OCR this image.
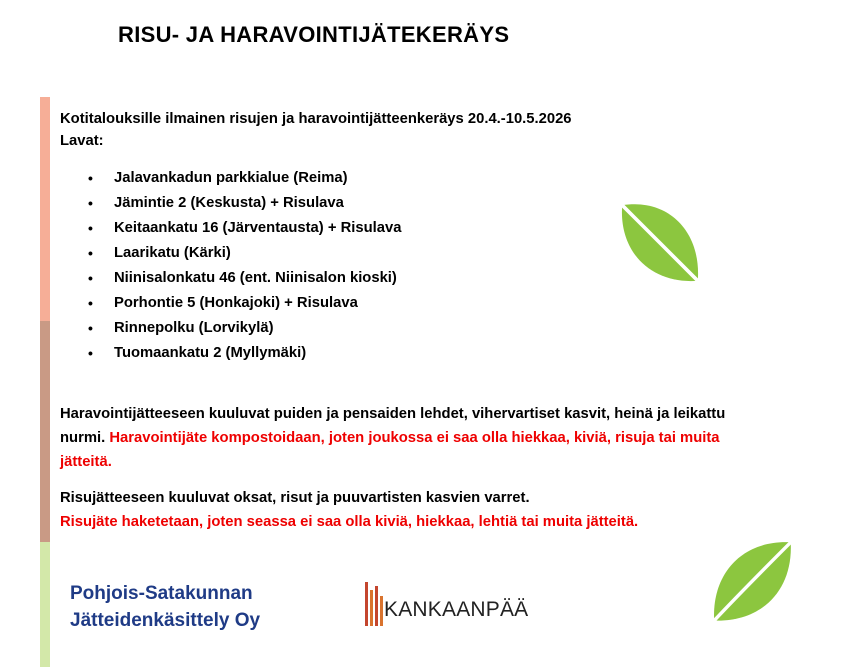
RISU- JA HARAVOINTIJÄTEKERÄYS
Kotitalouksille ilmainen risujen ja haravointijätteenkeräys 20.4.-10.5.2026
Lavat:
• Jalavankadun parkkialue (Reima)
• Jämintie 2 (Keskusta) + Risulava
• Keitaankatu 16 (Järventausta) + Risulava
• Laarikatu (Kärki)
• Niinisalonkatu 46 (ent. Niinisalon kioski)
• Porhontie 5 (Honkajoki) + Risulava
• Rinnepolku (Lorvikylä)
• Tuomaankatu 2 (Myllymäki)

Haravointijätteeseen kuuluvat puiden ja pensaiden lehdet, vihervartiset kasvit, heinä ja leikattu nurmi. Haravointijäte kompostoidaan, joten joukossa ei saa olla hiekkaa, kiviä, risuja tai muita jätteitä.

Risujätteeseen kuuluvat oksat, risut ja puuvartisten kasvien varret.
Risujäte haketetaan, joten seassa ei saa olla kiviä, hiekkaa, lehtiä tai muita jätteitä.

Pohjois-Satakunnan
Jätteidenkäsittely Oy	KANKAANPÄÄ
